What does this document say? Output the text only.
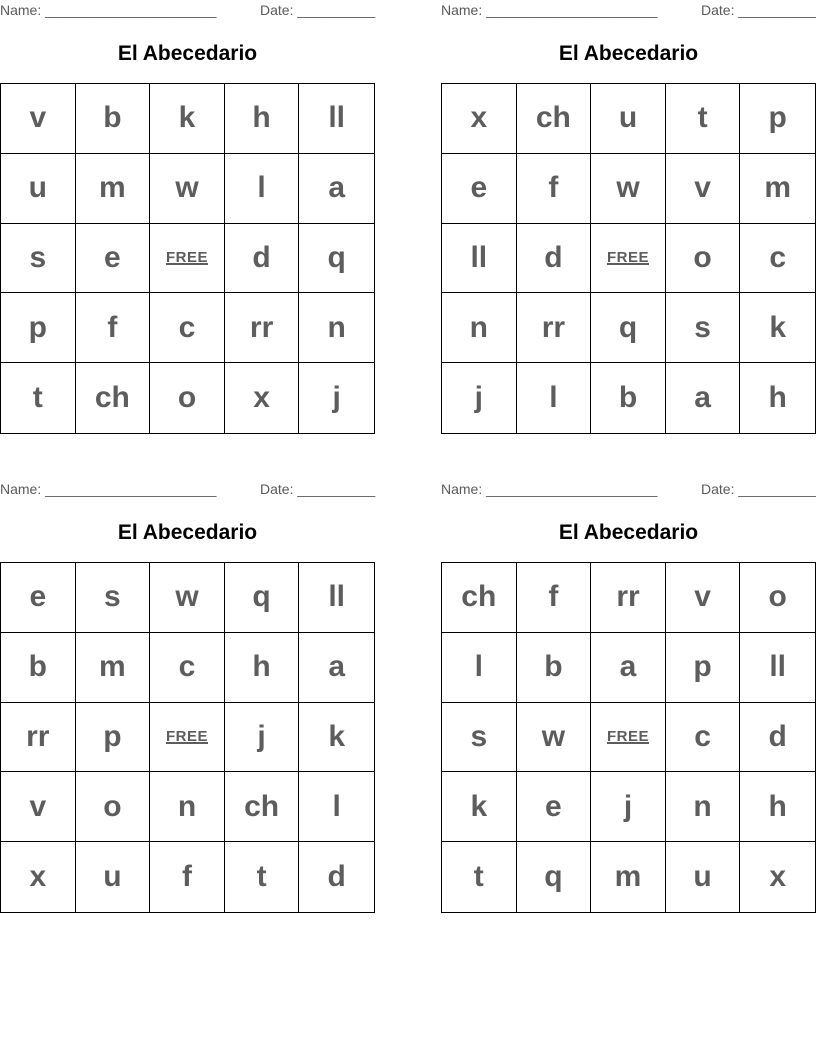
Name: ______________________	Date: __________
El Abecedario
v	b	k	h	ll
u	m	w	l	a
s	e	FREE	d	q
p	f	c	rr	n
t	ch	o	x	j
Name: ______________________	Date: __________
El Abecedario
x	ch	u	t	p
e	f	w	v	m
ll	d	FREE	o	c
n	rr	q	s	k
j	l	b	a	h
Name: ______________________	Date: __________
El Abecedario
e	s	w	q	ll
b	m	c	h	a
rr	p	FREE	j	k
v	o	n	ch	l
x	u	f	t	d
Name: ______________________	Date: __________
El Abecedario
ch	f	rr	v	o
l	b	a	p	ll
s	w	FREE	c	d
k	e	j	n	h
t	q	m	u	x
